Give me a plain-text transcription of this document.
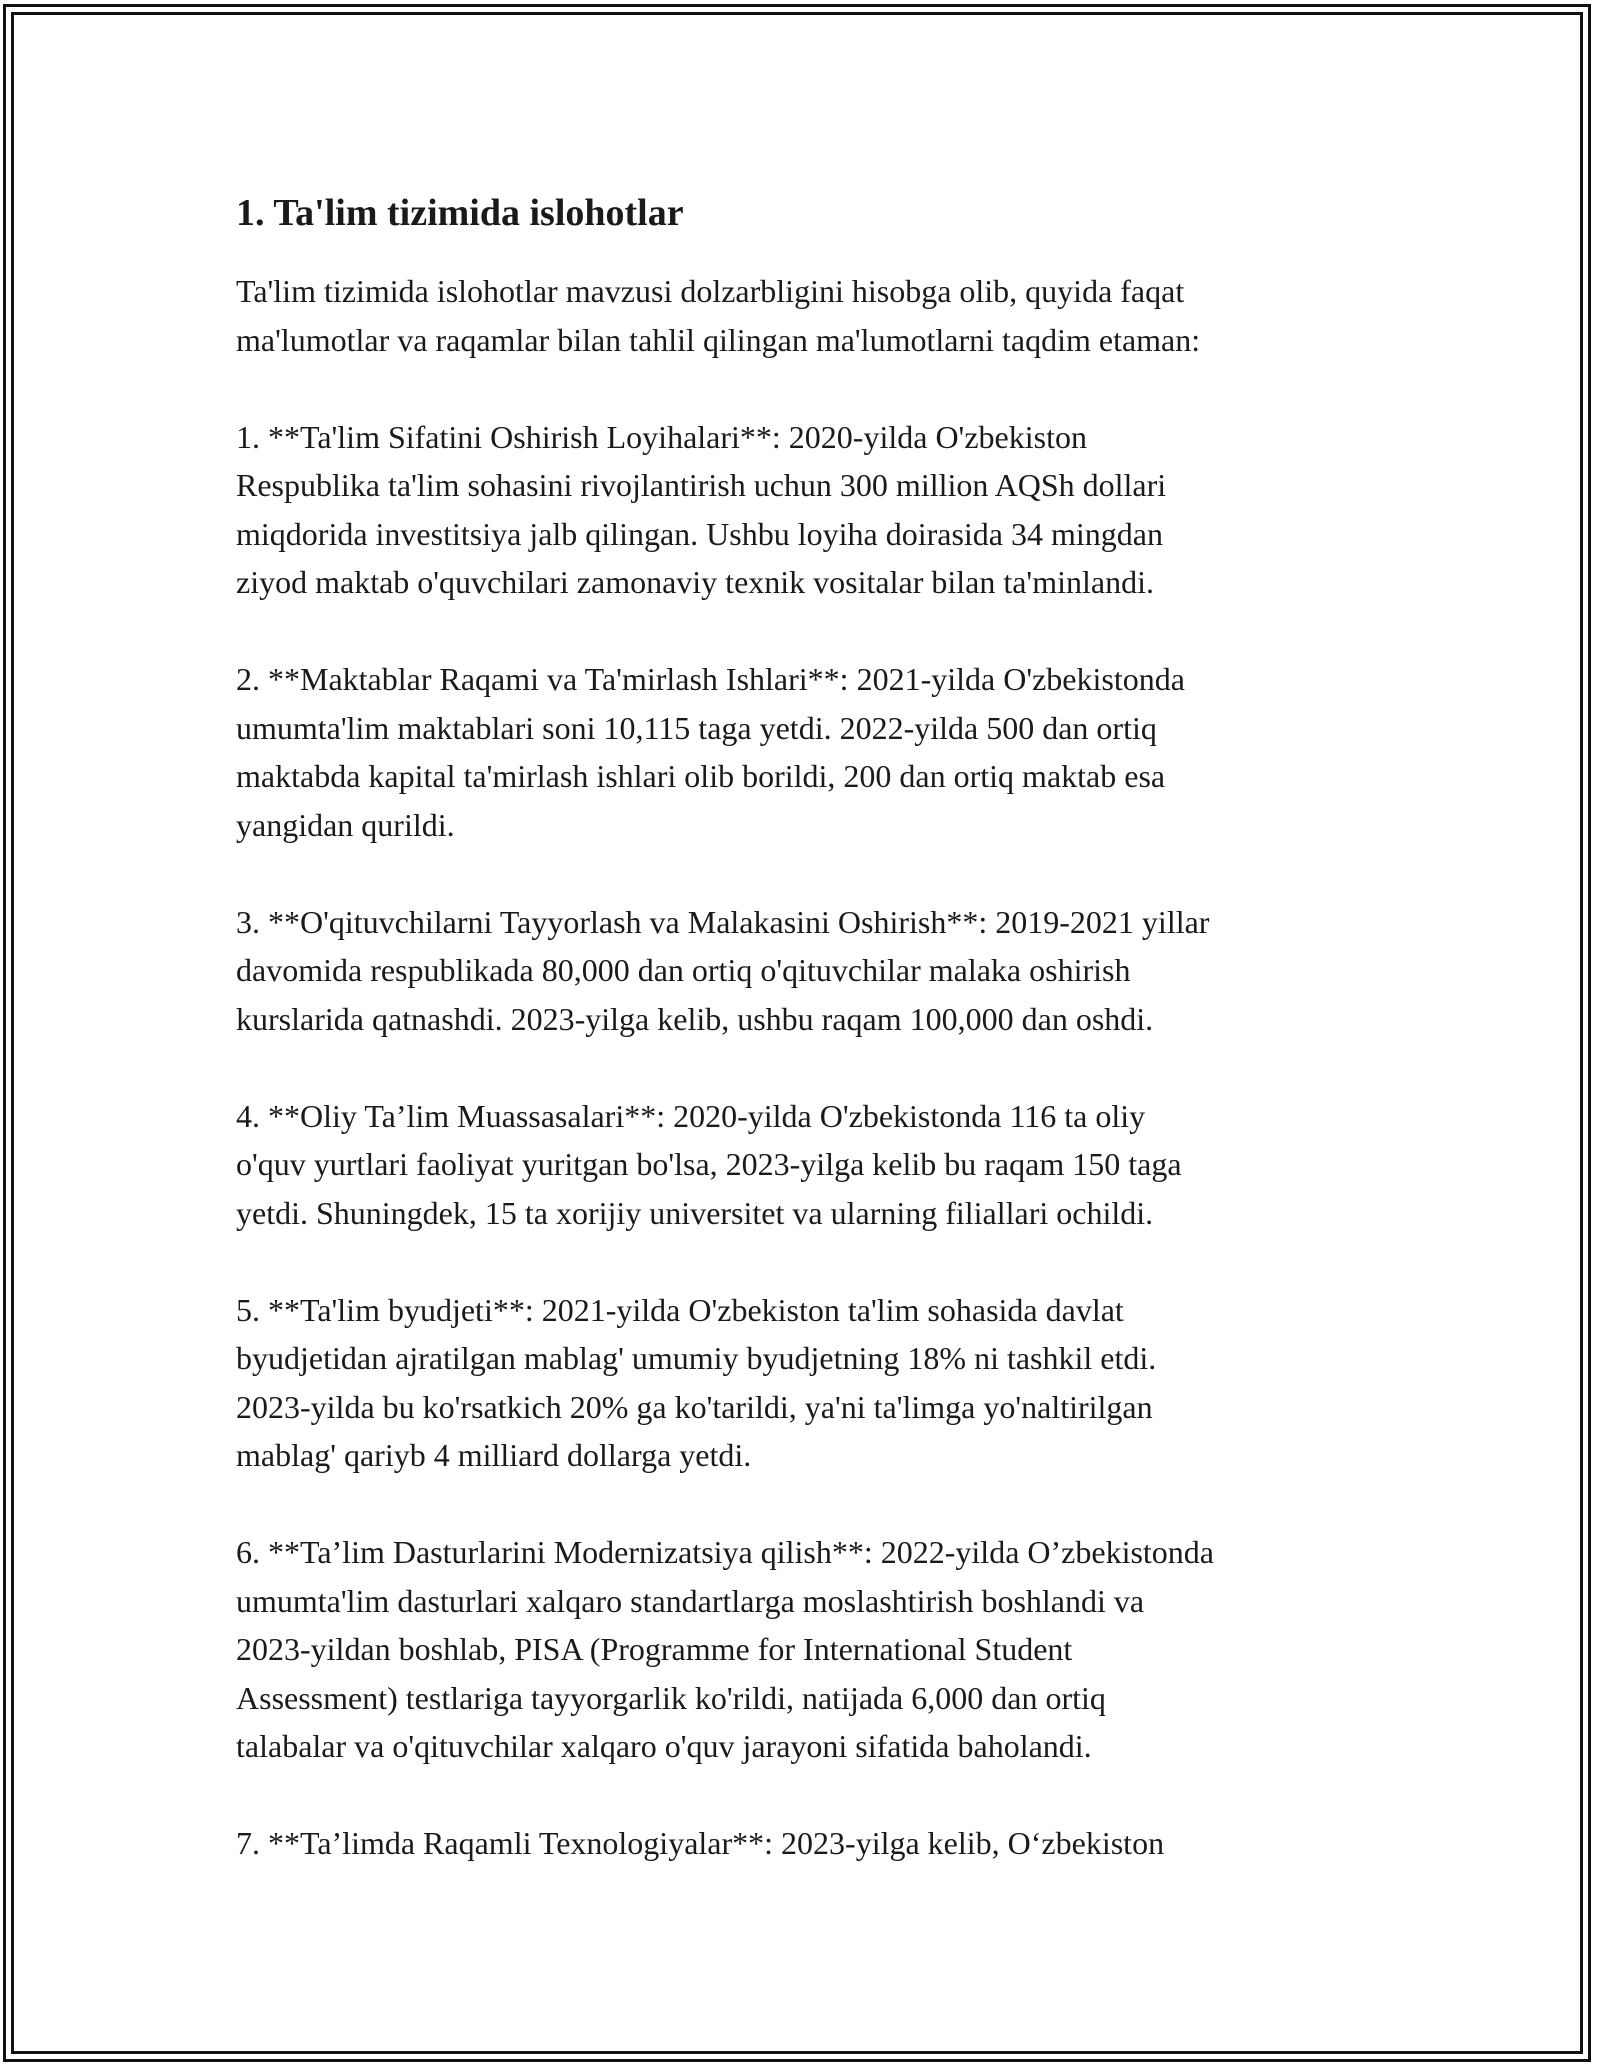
1. Ta'lim tizimida islohotlar

Ta'lim tizimida islohotlar mavzusi dolzarbligini hisobga olib, quyida faqat
ma'lumotlar va raqamlar bilan tahlil qilingan ma'lumotlarni taqdim etaman:

1. **Ta'lim Sifatini Oshirish Loyihalari**: 2020-yilda O'zbekiston
Respublika ta'lim sohasini rivojlantirish uchun 300 million AQSh dollari
miqdorida investitsiya jalb qilingan. Ushbu loyiha doirasida 34 mingdan
ziyod maktab o'quvchilari zamonaviy texnik vositalar bilan ta'minlandi.

2. **Maktablar Raqami va Ta'mirlash Ishlari**: 2021-yilda O'zbekistonda
umumta'lim maktablari soni 10,115 taga yetdi. 2022-yilda 500 dan ortiq
maktabda kapital ta'mirlash ishlari olib borildi, 200 dan ortiq maktab esa
yangidan qurildi.

3. **O'qituvchilarni Tayyorlash va Malakasini Oshirish**: 2019-2021 yillar
davomida respublikada 80,000 dan ortiq o'qituvchilar malaka oshirish
kurslarida qatnashdi. 2023-yilga kelib, ushbu raqam 100,000 dan oshdi.

4. **Oliy Ta’lim Muassasalari**: 2020-yilda O'zbekistonda 116 ta oliy
o'quv yurtlari faoliyat yuritgan bo'lsa, 2023-yilga kelib bu raqam 150 taga
yetdi. Shuningdek, 15 ta xorijiy universitet va ularning filiallari ochildi.

5. **Ta'lim byudjeti**: 2021-yilda O'zbekiston ta'lim sohasida davlat
byudjetidan ajratilgan mablag' umumiy byudjetning 18% ni tashkil etdi.
2023-yilda bu ko'rsatkich 20% ga ko'tarildi, ya'ni ta'limga yo'naltirilgan
mablag' qariyb 4 milliard dollarga yetdi.

6. **Ta’lim Dasturlarini Modernizatsiya qilish**: 2022-yilda O’zbekistonda
umumta'lim dasturlari xalqaro standartlarga moslashtirish boshlandi va
2023-yildan boshlab, PISA (Programme for International Student
Assessment) testlariga tayyorgarlik ko'rildi, natijada 6,000 dan ortiq
talabalar va o'qituvchilar xalqaro o'quv jarayoni sifatida baholandi.

7. **Ta’limda Raqamli Texnologiyalar**: 2023-yilga kelib, O‘zbekiston
